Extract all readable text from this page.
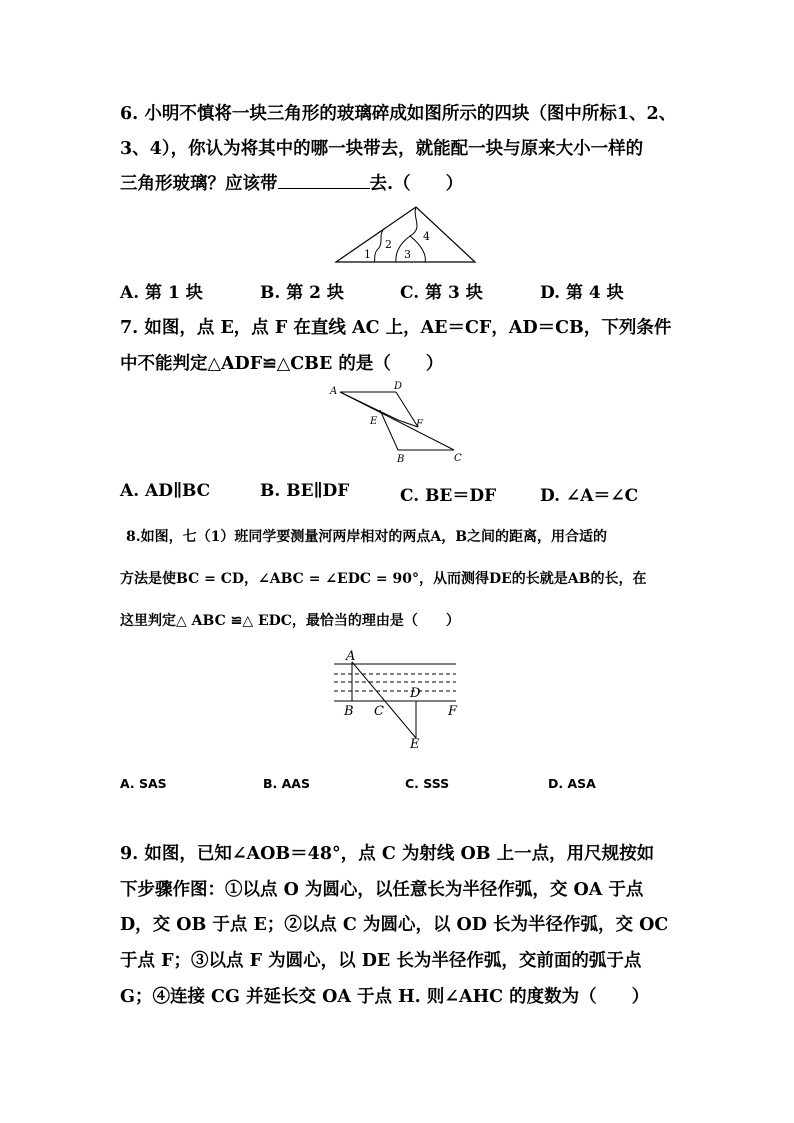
6. 小明不慎将一块三角形的玻璃碎成如图所示的四块（图中所标1、2、
3、4），你认为将其中的哪一块带去，就能配一块与原来大小一样的
三角形玻璃？应该带	去.（　　）
1
2
3
4
A. 第 1 块	B. 第 2 块	C. 第 3 块	D. 第 4 块
7. 如图，点 E，点 F 在直线 AC 上，AE＝CF，AD＝CB，下列条件
中不能判定△ADF≌△CBE 的是（　　）
A	D
E	F
B	C
A. AD∥BC	B. BE∥DF	C. BE＝DF	D. ∠A＝∠C
8.如图，七（1）班同学要测量河两岸相对的两点A，B之间的距离，用合适的
方法是使BC = CD，∠ABC = ∠EDC = 90°，从而测得DE的长就是AB的长，在
这里判定△ ABC ≌△ EDC，最恰当的理由是（　　）
A
B C
D
E
F
A. SAS	B. AAS	C. SSS	D. ASA
9. 如图，已知∠AOB＝48°，点 C 为射线 OB 上一点，用尺规按如
下步骤作图：①以点 O 为圆心，以任意长为半径作弧，交 OA 于点
D，交 OB 于点 E；②以点 C 为圆心，以 OD 长为半径作弧，交 OC
于点 F；③以点 F 为圆心，以 DE 长为半径作弧，交前面的弧于点
G；④连接 CG 并延长交 OA 于点 H. 则∠AHC 的度数为（　　）
